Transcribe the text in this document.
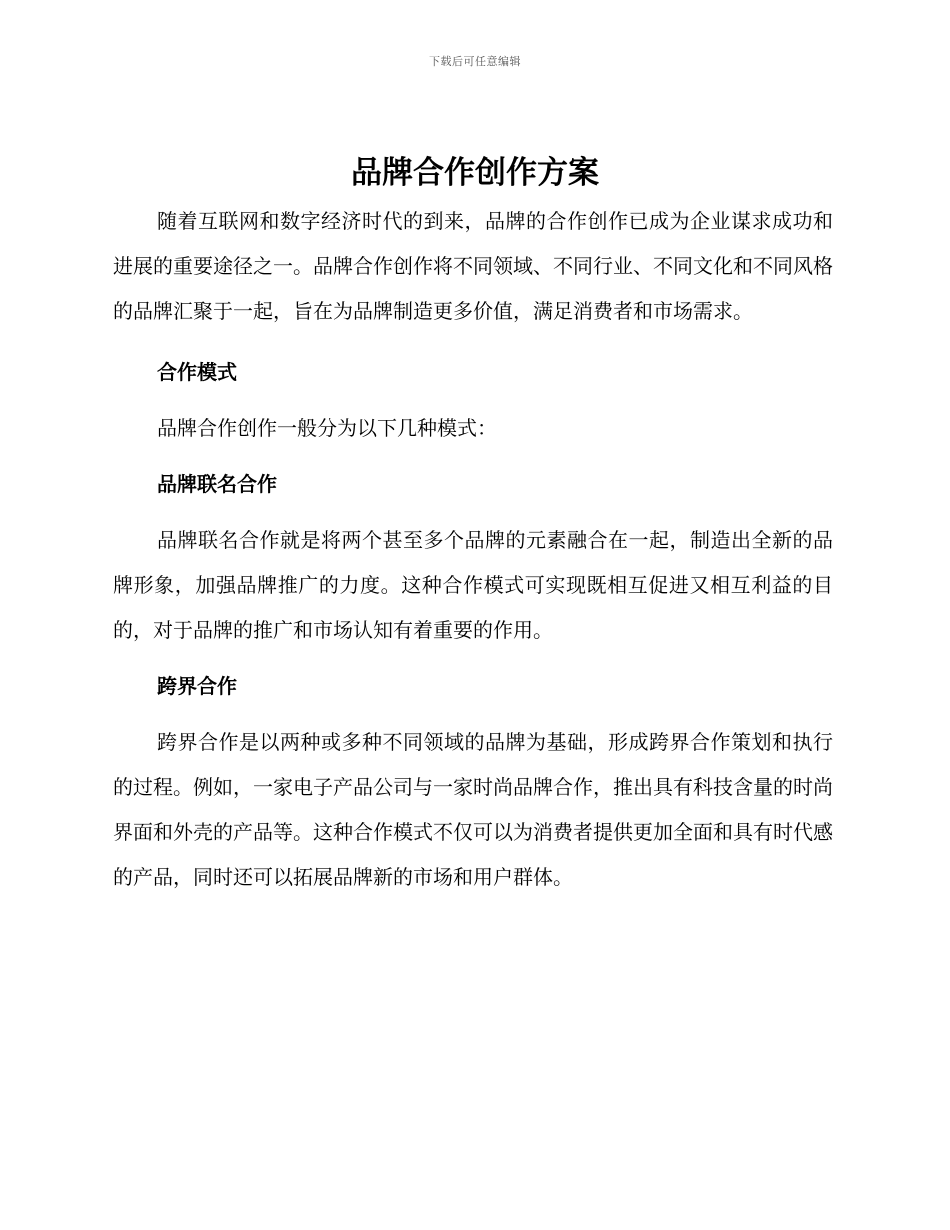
下载后可任意编辑
品牌合作创作方案

随着互联网和数字经济时代的到来，品牌的合作创作已成为企业谋求成功和进展的重要途径之一。品牌合作创作将不同领域、不同行业、不同文化和不同风格的品牌汇聚于一起，旨在为品牌制造更多价值，满足消费者和市场需求。

合作模式

品牌合作创作一般分为以下几种模式：

品牌联名合作

品牌联名合作就是将两个甚至多个品牌的元素融合在一起，制造出全新的品牌形象，加强品牌推广的力度。这种合作模式可实现既相互促进又相互利益的目的，对于品牌的推广和市场认知有着重要的作用。

跨界合作

跨界合作是以两种或多种不同领域的品牌为基础，形成跨界合作策划和执行的过程。例如，一家电子产品公司与一家时尚品牌合作，推出具有科技含量的时尚界面和外壳的产品等。这种合作模式不仅可以为消费者提供更加全面和具有时代感的产品，同时还可以拓展品牌新的市场和用户群体。
